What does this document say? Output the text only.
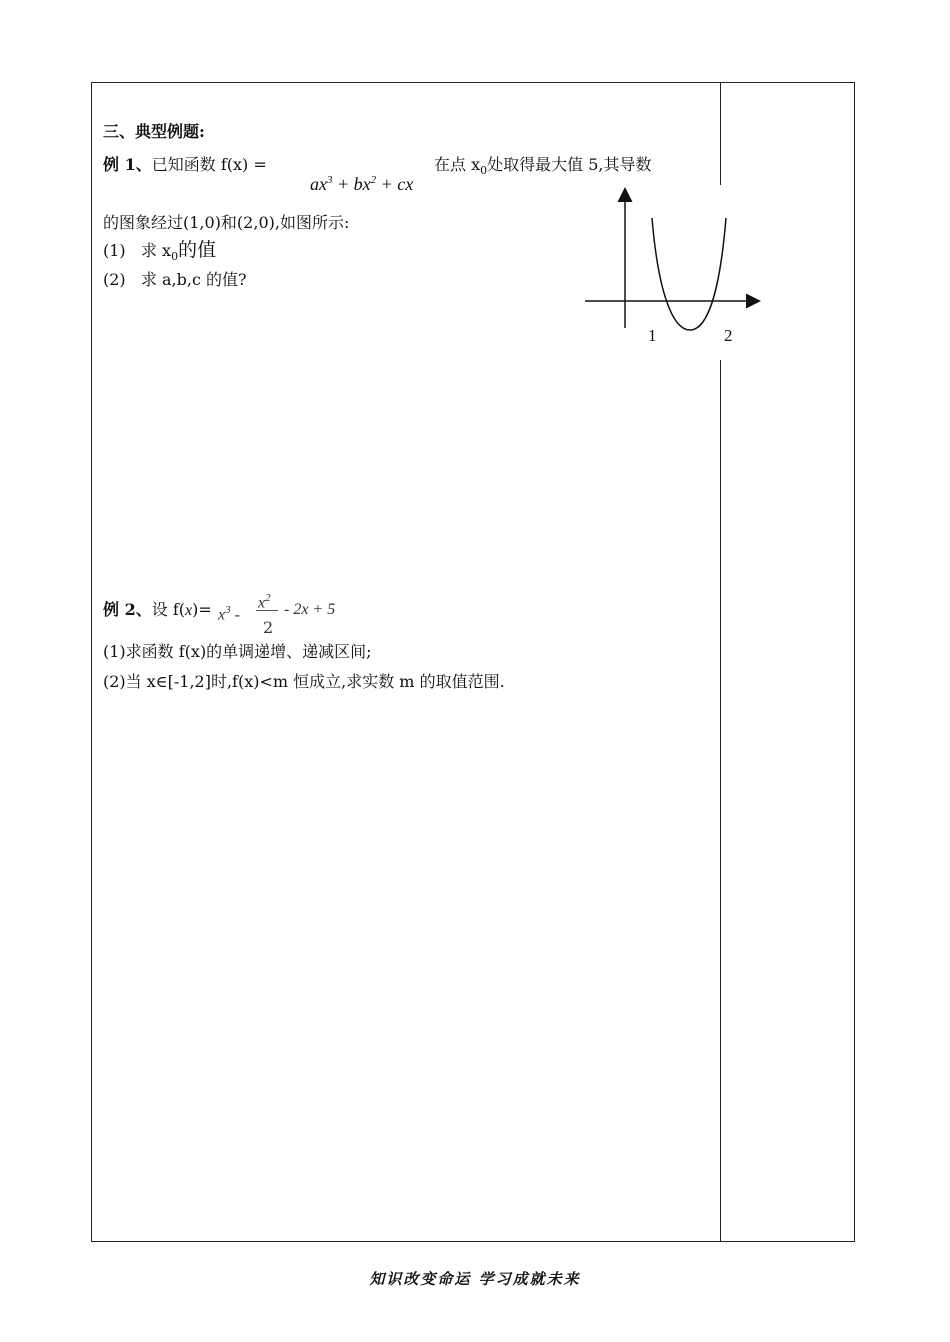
三、典型例题:
例 1、已知函数 f(x) =
$ax^3 + bx^2$ + cx
在点 $x_0$处取得最大值 5,其导数
的图象经过(1,0)和(2,0),如图所示:
(1) 求 $x_0$的值
(2) 求 a,b,c 的值?
1	2
例 2、设 $f(x)= x^3$ -
$x^2$
2
- 2x + 5
(1)求函数 f(x)的单调递增、递减区间;
(2)当 x∈[-1,2]时,f(x)<m 恒成立,求实数 m 的取值范围.
知识改变命运 学习成就未来
